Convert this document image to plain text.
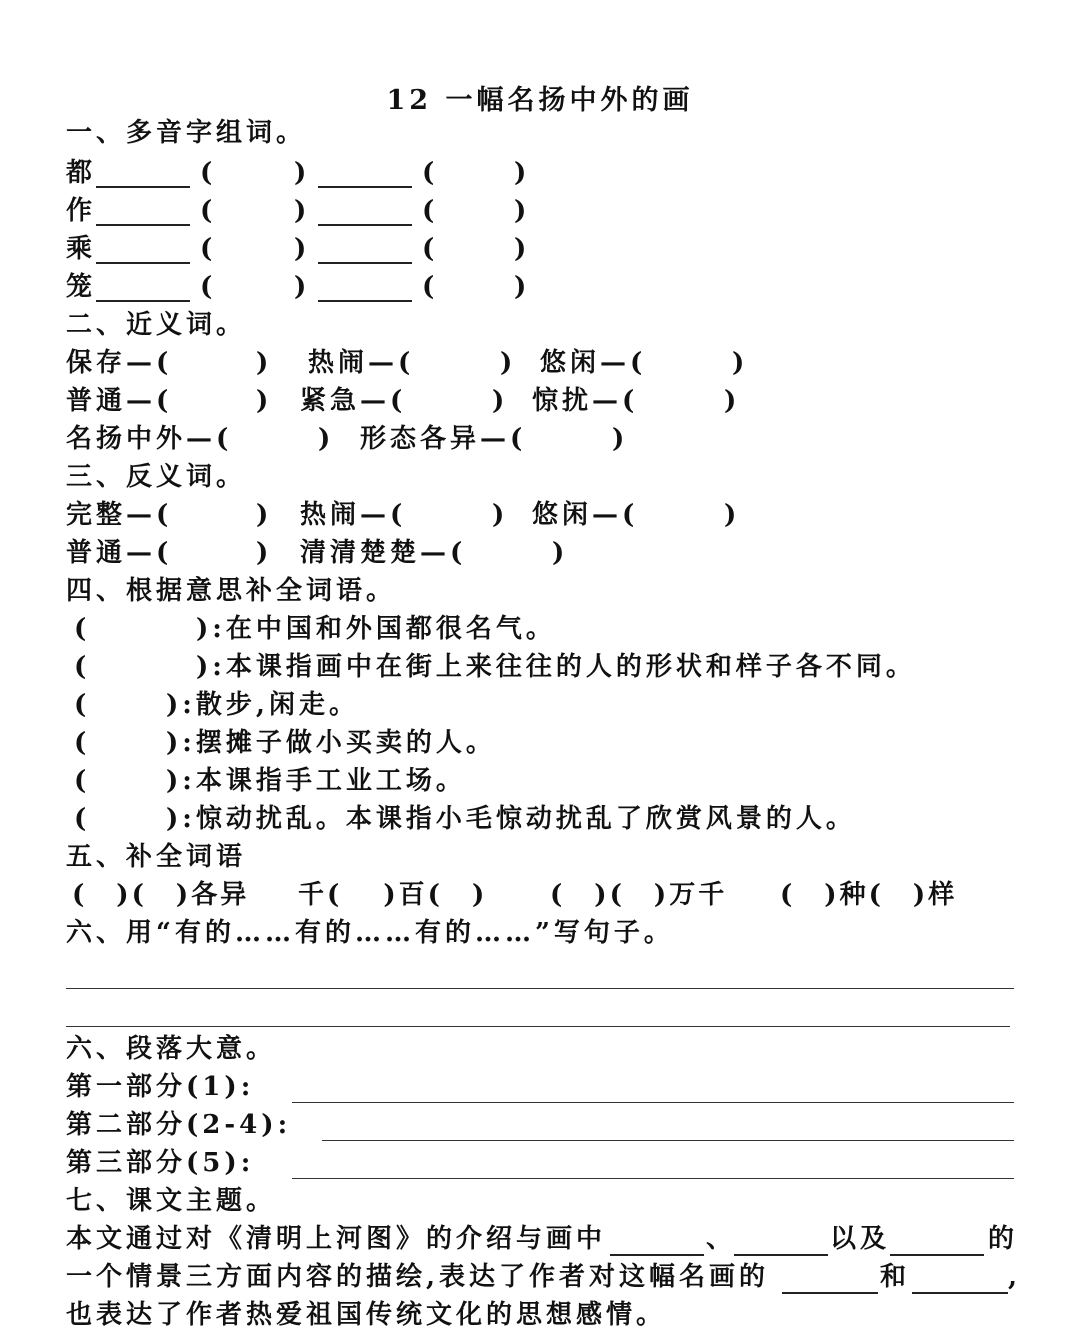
12 一幅名扬中外的画
一、多音字组词。
都	(	)	(	)
作	(	)	(	)
乘	(	)	(	)
笼	(	)	(	)
二、近义词。
保存—(	) 热闹—(	) 悠闲—(	)
普通—(	) 紧急—(	) 惊扰—(	)
名扬中外—(	) 形态各异—(	)
三、反义词。
完整—(	) 热闹—(	) 悠闲—(	)
普通—(	) 清清楚楚—(	)
四、根据意思补全词语。
(	):在中国和外国都很名气。
(	):本课指画中在街上来往往的人的形状和样子各不同。
(	):散步,闲走。
(	):摆摊子做小买卖的人。
(	):本课指手工业工场。
(	):惊动扰乱。本课指小毛惊动扰乱了欣赏风景的人。
五、补全词语
(　)(　)各异 千(　 )百(　) (　)(　)万千 (　)种(　)样
六、用“有的……有的……有的……”写句子。
六、段落大意。
第一部分(1):
第二部分(2-4):
第三部分(5):
七、课文主题。
本文通过对《清明上河图》的介绍与画中	、	以及	的
一个情景三方面内容的描绘,表达了作者对这幅名画的	和	,
也表达了作者热爱祖国传统文化的思想感情。
